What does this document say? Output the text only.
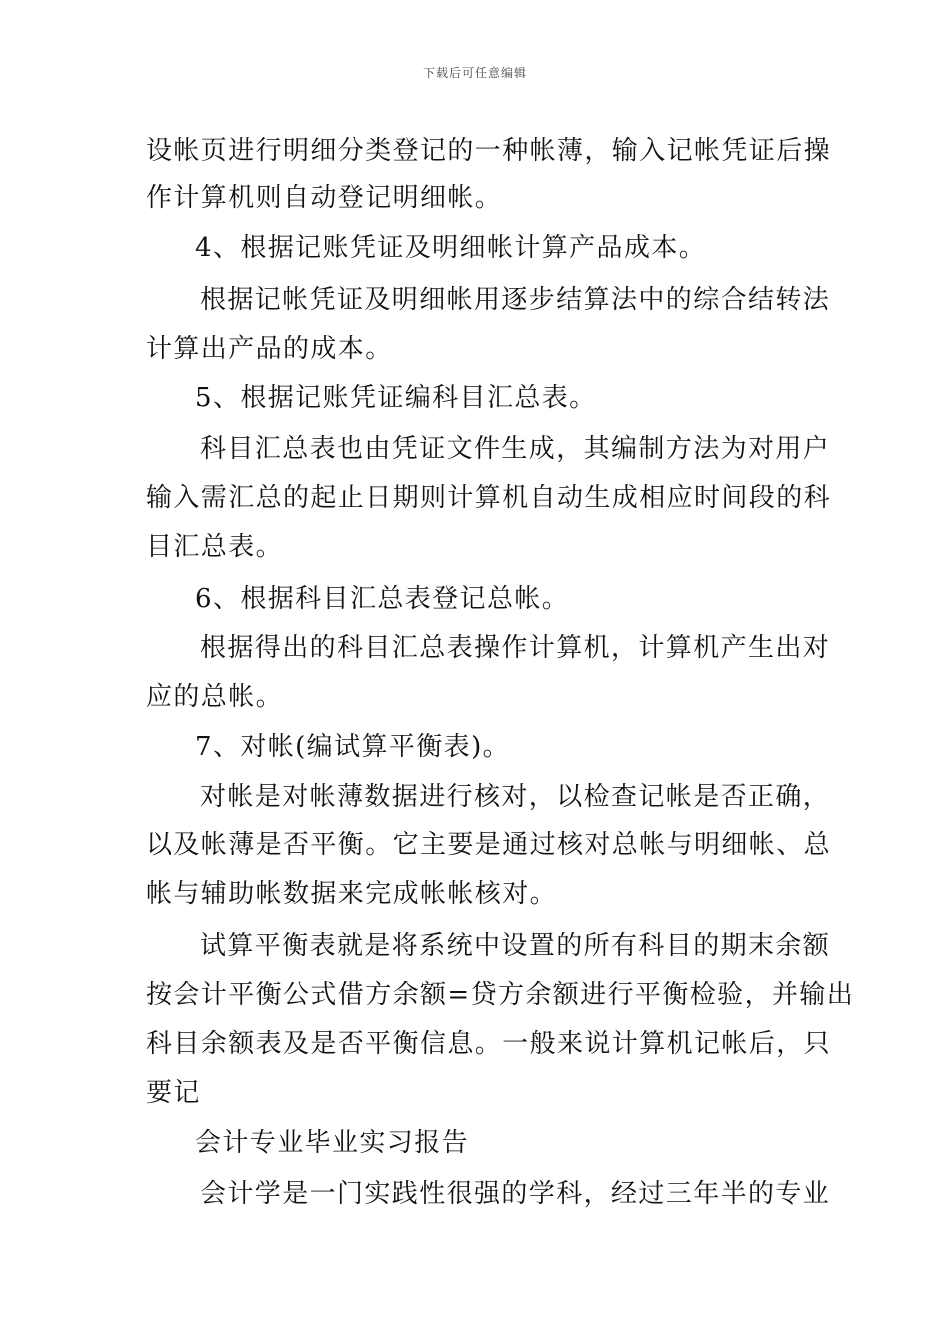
下载后可任意编辑
设帐页进行明细分类登记的一种帐薄，输入记帐凭证后操
作计算机则自动登记明细帐。
4、根据记账凭证及明细帐计算产品成本。
根据记帐凭证及明细帐用逐步结算法中的综合结转法
计算出产品的成本。
5、根据记账凭证编科目汇总表。
科目汇总表也由凭证文件生成，其编制方法为对用户
输入需汇总的起止日期则计算机自动生成相应时间段的科
目汇总表。
6、根据科目汇总表登记总帐。
根据得出的科目汇总表操作计算机，计算机产生出对
应的总帐。
7、对帐(编试算平衡表)。
对帐是对帐薄数据进行核对，以检查记帐是否正确，
以及帐薄是否平衡。它主要是通过核对总帐与明细帐、总
帐与辅助帐数据来完成帐帐核对。
试算平衡表就是将系统中设置的所有科目的期末余额
按会计平衡公式借方余额=贷方余额进行平衡检验，并输出
科目余额表及是否平衡信息。一般来说计算机记帐后，只
要记
会计专业毕业实习报告
会计学是一门实践性很强的学科，经过三年半的专业
